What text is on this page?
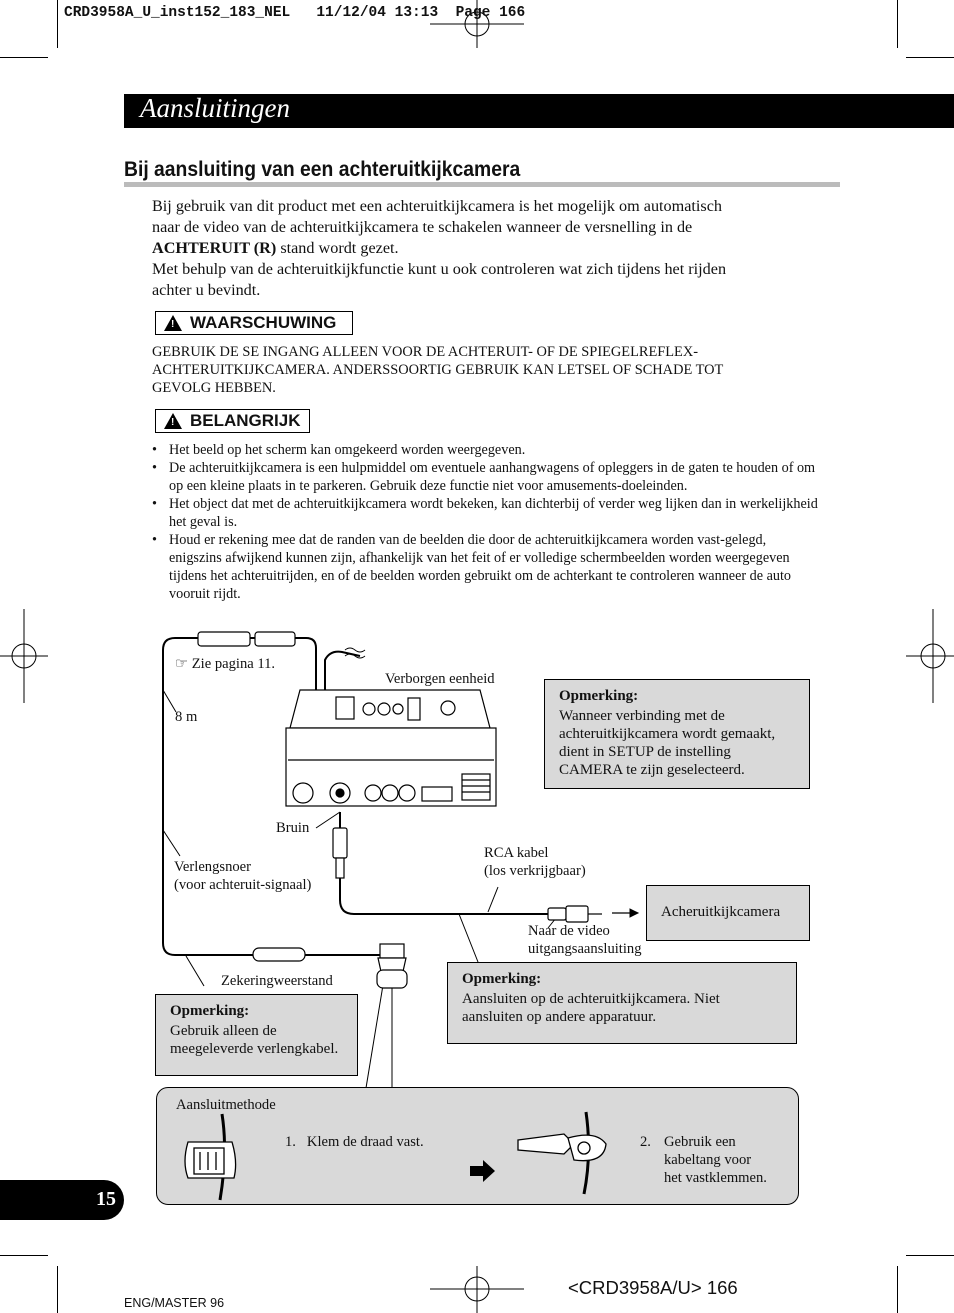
CRD3958A_U_inst152_183_NEL   11/12/04 13:13  Page 166
Aansluitingen
Bij aansluiting van een achteruitkijkcamera
Bij gebruik van dit product met een achteruitkijkcamera is het mogelijk om automatisch
naar de video van de achteruitkijkcamera te schakelen wanneer de versnelling in de
ACHTERUIT (R) stand wordt gezet.
Met behulp van de achteruitkijkfunctie kunt u ook controleren wat zich tijdens het rijden
achter u bevindt.
! WAARSCHUWING
GEBRUIK DE SE INGANG ALLEEN VOOR DE ACHTERUIT- OF DE SPIEGELREFLEX-
ACHTERUITKIJKCAMERA. ANDERSSOORTIG GEBRUIK KAN LETSEL OF SCHADE TOT
GEVOLG HEBBEN.
! BELANGRIJK
• Het beeld op het scherm kan omgekeerd worden weergegeven.
• De achteruitkijkcamera is een hulpmiddel om eventuele aanhangwagens of opleggers in de gaten te houden of om op een kleine plaats in te parkeren. Gebruik deze functie niet voor amusements-doeleinden.
• Het object dat met de achteruitkijkcamera wordt bekeken, kan dichterbij of verder weg lijken dan in werkelijkheid het geval is.
• Houd er rekening mee dat de randen van de beelden die door de achteruitkijkcamera worden vast-gelegd, enigszins afwijkend kunnen zijn, afhankelijk van het feit of er volledige schermbeelden worden weergegeven tijdens het achteruitrijden, en of de beelden worden gebruikt om de achterkant te controleren wanneer de auto vooruit rijdt.
☞ Zie pagina 11.
Verborgen eenheid
8 m
Bruin
Verlengsnoer
(voor achteruit-signaal)
RCA kabel
(los verkrijgbaar)
Naar de video
uitgangsaansluiting
Zekeringweerstand
Opmerking:
Wanneer verbinding met de
achteruitkijkcamera wordt gemaakt,
dient in SETUP de instelling
CAMERA te zijn geselecteerd.
Acheruitkijkcamera
Opmerking:
Aansluiten op de achteruitkijkcamera. Niet
aansluiten op andere apparatuur.
Opmerking:
Gebruik alleen de
meegeleverde verlengkabel.
Aansluitmethode
1. Klem de draad vast.	2. Gebruik een
kabeltang voor
het vastklemmen.
15
ENG/MASTER 96
<CRD3958A/U> 166
